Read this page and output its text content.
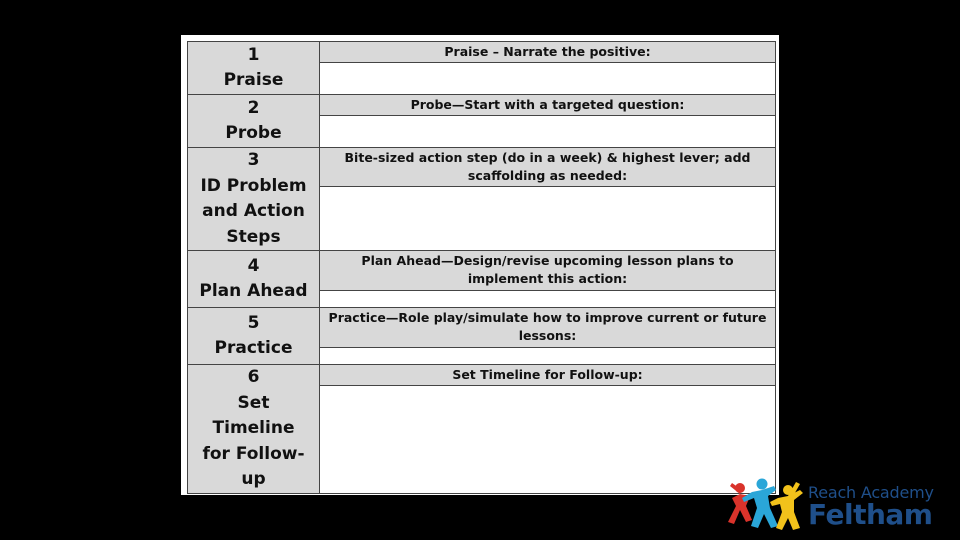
1
Praise	Praise – Narrate the positive:

2
Probe	Probe—Start with a targeted question:

3
ID Problem and Action Steps	Bite-sized action step (do in a week) & highest lever; add scaffolding as needed:

4
Plan Ahead	Plan Ahead—Design/revise upcoming lesson plans to implement this action:

5
Practice	Practice—Role play/simulate how to improve current or future lessons:

6
Set Timeline for Follow-up	Set Timeline for Follow-up:

Reach Academy
Feltham
